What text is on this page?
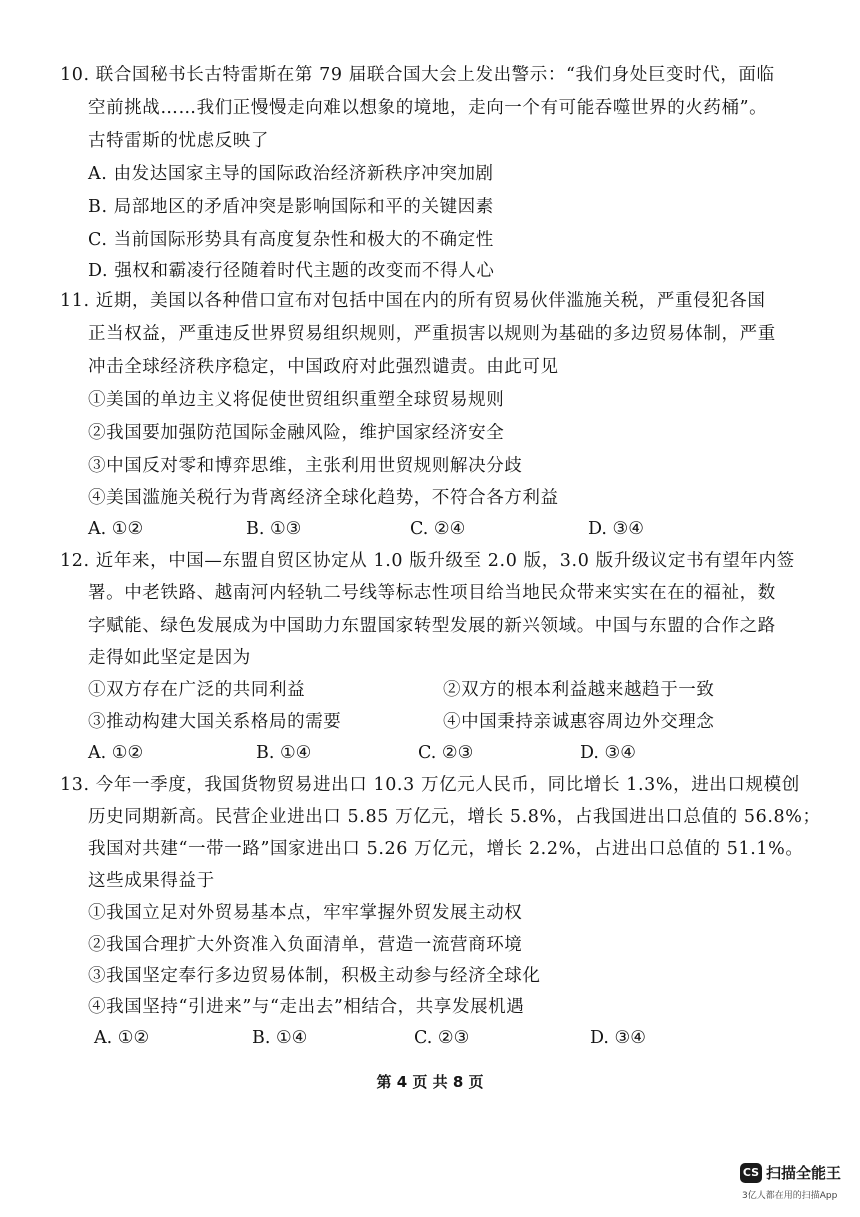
10. 联合国秘书长古特雷斯在第 79 届联合国大会上发出警示：“我们身处巨变时代，面临
空前挑战……我们正慢慢走向难以想象的境地，走向一个有可能吞噬世界的火药桶”。
古特雷斯的忧虑反映了
A. 由发达国家主导的国际政治经济新秩序冲突加剧
B. 局部地区的矛盾冲突是影响国际和平的关键因素
C. 当前国际形势具有高度复杂性和极大的不确定性
D. 强权和霸凌行径随着时代主题的改变而不得人心
11. 近期，美国以各种借口宣布对包括中国在内的所有贸易伙伴滥施关税，严重侵犯各国
正当权益，严重违反世界贸易组织规则，严重损害以规则为基础的多边贸易体制，严重
冲击全球经济秩序稳定，中国政府对此强烈谴责。由此可见
①美国的单边主义将促使世贸组织重塑全球贸易规则
②我国要加强防范国际金融风险，维护国家经济安全
③中国反对零和博弈思维，主张利用世贸规则解决分歧
④美国滥施关税行为背离经济全球化趋势，不符合各方利益
A. ①②	B. ①③	C. ②④	D. ③④
12. 近年来，中国—东盟自贸区协定从 1.0 版升级至 2.0 版，3.0 版升级议定书有望年内签
署。中老铁路、越南河内轻轨二号线等标志性项目给当地民众带来实实在在的福祉，数
字赋能、绿色发展成为中国助力东盟国家转型发展的新兴领域。中国与东盟的合作之路
走得如此坚定是因为
①双方存在广泛的共同利益	②双方的根本利益越来越趋于一致
③推动构建大国关系格局的需要	④中国秉持亲诚惠容周边外交理念
A. ①②	B. ①④	C. ②③	D. ③④
13. 今年一季度，我国货物贸易进出口 10.3 万亿元人民币，同比增长 1.3%，进出口规模创
历史同期新高。民营企业进出口 5.85 万亿元，增长 5.8%，占我国进出口总值的 56.8%；
我国对共建“一带一路”国家进出口 5.26 万亿元，增长 2.2%，占进出口总值的 51.1%。
这些成果得益于
①我国立足对外贸易基本点，牢牢掌握外贸发展主动权
②我国合理扩大外资准入负面清单，营造一流营商环境
③我国坚定奉行多边贸易体制，积极主动参与经济全球化
④我国坚持“引进来”与“走出去”相结合，共享发展机遇
A. ①②	B. ①④	C. ②③	D. ③④
第 4 页 共 8 页
CS 扫描全能王
3亿人都在用的扫描App
